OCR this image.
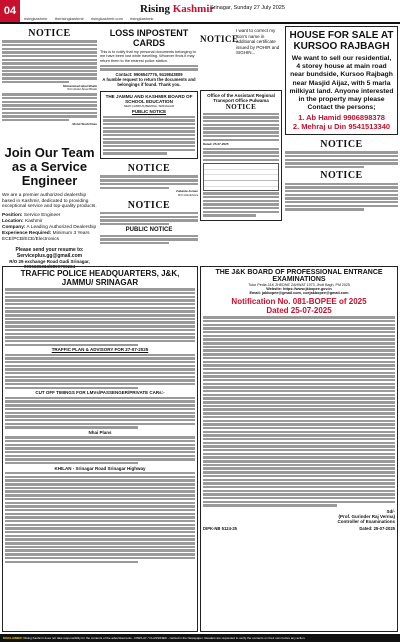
04	Rising Kashmir
Srinagar, Sunday 27 July 2025
risingkashmir therisingkashmir risingkashmir.com risingkashmir
NOTICE
Mohammad Iqbal Bhatti
S/O Abdul Ahad Bhatti
Mohd Shafi Khan
Join Our Team as a Service Engineer
We are a premier authorized dealership based in Kashmir, dedicated to providing exceptional service and top-quality products.
Position: Service Engineer
Location: Kashmir
Company: A Leading Authorized Dealership
Experience Required: Minimum 3 Years
ECE/PCB/ECE/Electronics
Please send your resume to:
Serviceplus.gg@gmail.com
R/O 29 exchange Road Gadi Srinagar,
9906686334/8899790224
LOSS INPOSTENT CARDS
This is to notify that my personal documents belonging to me have been lost while travelling. Whoever finds it may return them to the nearest police station.
Contact: 9906547776, 9419843809
A humble request to return the documents and belongings if found. Thank you.
THE JAMMU AND KASHMIR BOARD OF SCHOOL EDUCATION
NEW CAMPUS BEMINA, SRINAGAR
PUBLIC NOTICE
NOTICE
Zubaida Juman
R/O Rainkhora
NOTICE
PUBLIC NOTICE
NOTICE
I want to correct my Son's name in additional certificate issued by POHIR and SIGHIN...
Office of the Assistant Regional Transport Office Pulwama
NOTICE
Dated: 25-07-2025
HOUSE FOR SALE AT KURSOO RAJBAGH
We want to sell our residential, 4 storey house at main road near bundside, Kursoo Rajbagh near Masjid Aijaz, with 5 marla milkiyat land. Anyone interested in the property may please Contact the persons;
1. Ab Hamid 9906898378
2. Mehraj u Din 9541513340
NOTICE
NOTICE
TRAFFIC POLICE HEADQUARTERS, J&K, JAMMU/ SRINAGAR
TRAFFIC PLAN & ADVISORY FOR 27-07-2025
CUT OFF TIMINGS FOR LMVs/PASSENGER/PRIVATE CARs:-
Nhai Plans
KHILAN - Srinagar Road Srinagar Highway
THE J&K BOARD OF PROFESSIONAL ENTRANCE EXAMINATIONS
Tutor Pedia J&K ZHEDNE ZAHWAT 1973, Jhoti Bagh, PM 2025
Website: https://www.jkbopee.gov.in
Email: jakbopee@gmail.com, coejakbopee@gmail.com
Notification No. 081-BOPEE of 2025
Dated 25-07-2025
Sd/-
(Prof. Gurinder Raj Verma)
Controller of Examinations
DIPK-NB 5124-25	Dated: 25-07-2025
DISCLAIMER: Rising Kashmir does not take responsibility for the contents of the advertisements - DISPLAY / CLASSIFIED - carried in the Newspaper. Readers are requested to verify the contents on their own before any action.
